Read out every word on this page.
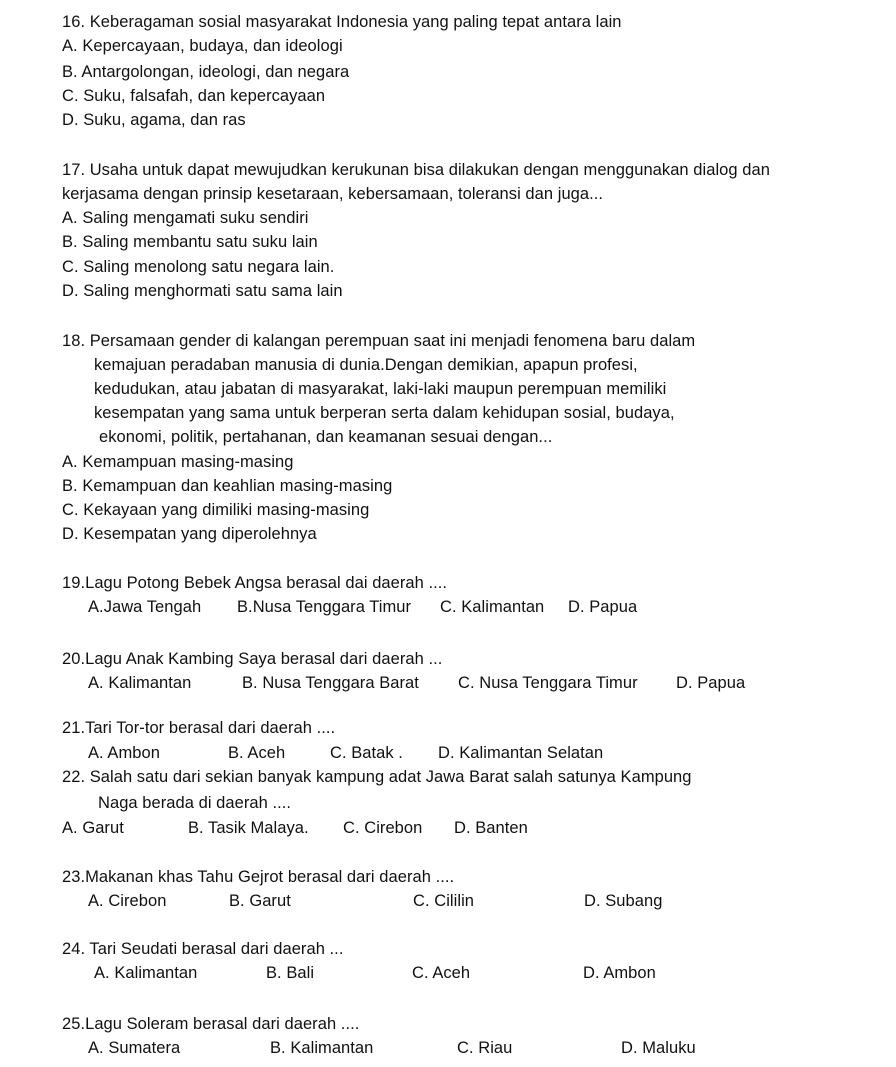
16. Keberagaman sosial masyarakat Indonesia yang paling tepat antara lain
A. Kepercayaan, budaya, dan ideologi
B. Antargolongan, ideologi, dan negara
C. Suku, falsafah, dan kepercayaan
D. Suku, agama, dan ras
17. Usaha untuk dapat mewujudkan kerukunan bisa dilakukan dengan menggunakan dialog dan
kerjasama dengan prinsip kesetaraan, kebersamaan, toleransi dan juga...
A. Saling mengamati suku sendiri
B. Saling membantu satu suku lain
C. Saling menolong satu negara lain.
D. Saling menghormati satu sama lain
18. Persamaan gender di kalangan perempuan saat ini menjadi fenomena baru dalam
kemajuan peradaban manusia di dunia.Dengan demikian, apapun profesi,
kedudukan, atau jabatan di masyarakat, laki-laki maupun perempuan memiliki
kesempatan yang sama untuk berperan serta dalam kehidupan sosial, budaya,
ekonomi, politik, pertahanan, dan keamanan sesuai dengan...
A. Kemampuan masing-masing
B. Kemampuan dan keahlian masing-masing
C. Kekayaan yang dimiliki masing-masing
D. Kesempatan yang diperolehnya
19.Lagu Potong Bebek Angsa berasal dai daerah ....
A.Jawa Tengah B.Nusa Tenggara Timur C. Kalimantan D. Papua
20.Lagu Anak Kambing Saya berasal dari daerah ...
A. Kalimantan	B. Nusa Tenggara Barat C. Nusa Tenggara Timur D. Papua
21.Tari Tor-tor berasal dari daerah ....
A. Ambon	B. Aceh	C. Batak . D. Kalimantan Selatan
22. Salah satu dari sekian banyak kampung adat Jawa Barat salah satunya Kampung
Naga berada di daerah ....
A. Garut	B. Tasik Malaya. C. Cirebon D. Banten
23.Makanan khas Tahu Gejrot berasal dari daerah ....
A. Cirebon	B. Garut	C. Cililin	D. Subang
24. Tari Seudati berasal dari daerah ...
A. Kalimantan	B. Bali	C. Aceh	D. Ambon
25.Lagu Soleram berasal dari daerah ....
A. Sumatera	B. Kalimantan	C. Riau	D. Maluku
